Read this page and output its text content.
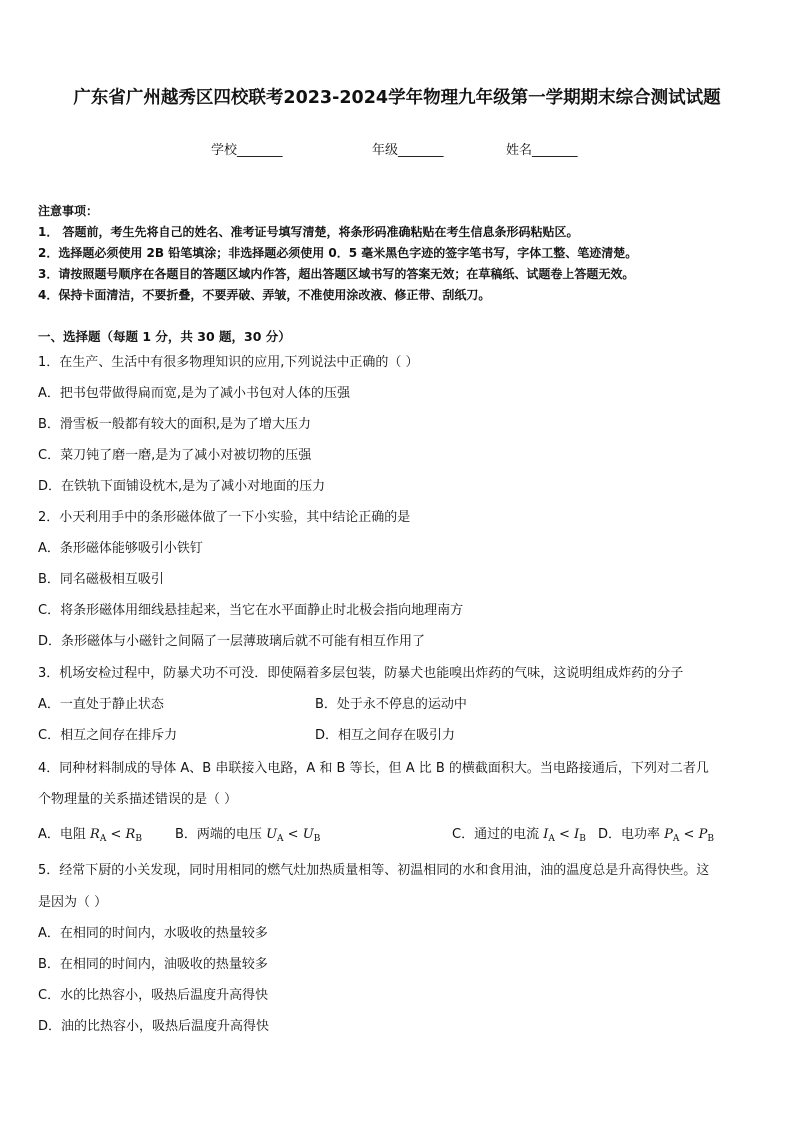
广东省广州越秀区四校联考2023-2024学年物理九年级第一学期期末综合测试试题
学校_______	年级_______	姓名_______
注意事项：
1． 答题前，考生先将自己的姓名、准考证号填写清楚，将条形码准确粘贴在考生信息条形码粘贴区。
2．选择题必须使用 2B 铅笔填涂；非选择题必须使用 0．5 毫米黑色字迹的签字笔书写，字体工整、笔迹清楚。
3．请按照题号顺序在各题目的答题区域内作答，超出答题区域书写的答案无效；在草稿纸、试题卷上答题无效。
4．保持卡面清洁，不要折叠，不要弄破、弄皱，不准使用涂改液、修正带、刮纸刀。
一、选择题（每题 1 分，共 30 题，30 分）
1．在生产、生活中有很多物理知识的应用,下列说法中正确的（ ）
A．把书包带做得扁而宽,是为了减小书包对人体的压强
B．滑雪板一般都有较大的面积,是为了增大压力
C．菜刀钝了磨一磨,是为了减小对被切物的压强
D．在铁轨下面铺设枕木,是为了减小对地面的压力
2．小天利用手中的条形磁体做了一下小实验，其中结论正确的是
A．条形磁体能够吸引小铁钉
B．同名磁极相互吸引
C．将条形磁体用细线悬挂起来，当它在水平面静止时北极会指向地理南方
D．条形磁体与小磁针之间隔了一层薄玻璃后就不可能有相互作用了
3．机场安检过程中，防暴犬功不可没．即使隔着多层包装，防暴犬也能嗅出炸药的气味，这说明组成炸药的分子
A．一直处于静止状态	B．处于永不停息的运动中
C．相互之间存在排斥力	D．相互之间存在吸引力
4．同种材料制成的导体 A、B 串联接入电路，A 和 B 等长，但 A 比 B 的横截面积大。当电路接通后，下列对二者几
个物理量的关系描述错误的是（ ）
A．电阻 $R_A < R_B$	B．两端的电压 $U_A < U_B$	C．通过的电流 $I_A < I_B$ D．电功率 $P_A < P_B$
5．经常下厨的小关发现，同时用相同的燃气灶加热质量相等、初温相同的水和食用油，油的温度总是升高得快些。这
是因为（ ）
A．在相同的时间内，水吸收的热量较多
B．在相同的时间内，油吸收的热量较多
C．水的比热容小，吸热后温度升高得快
D．油的比热容小，吸热后温度升高得快
